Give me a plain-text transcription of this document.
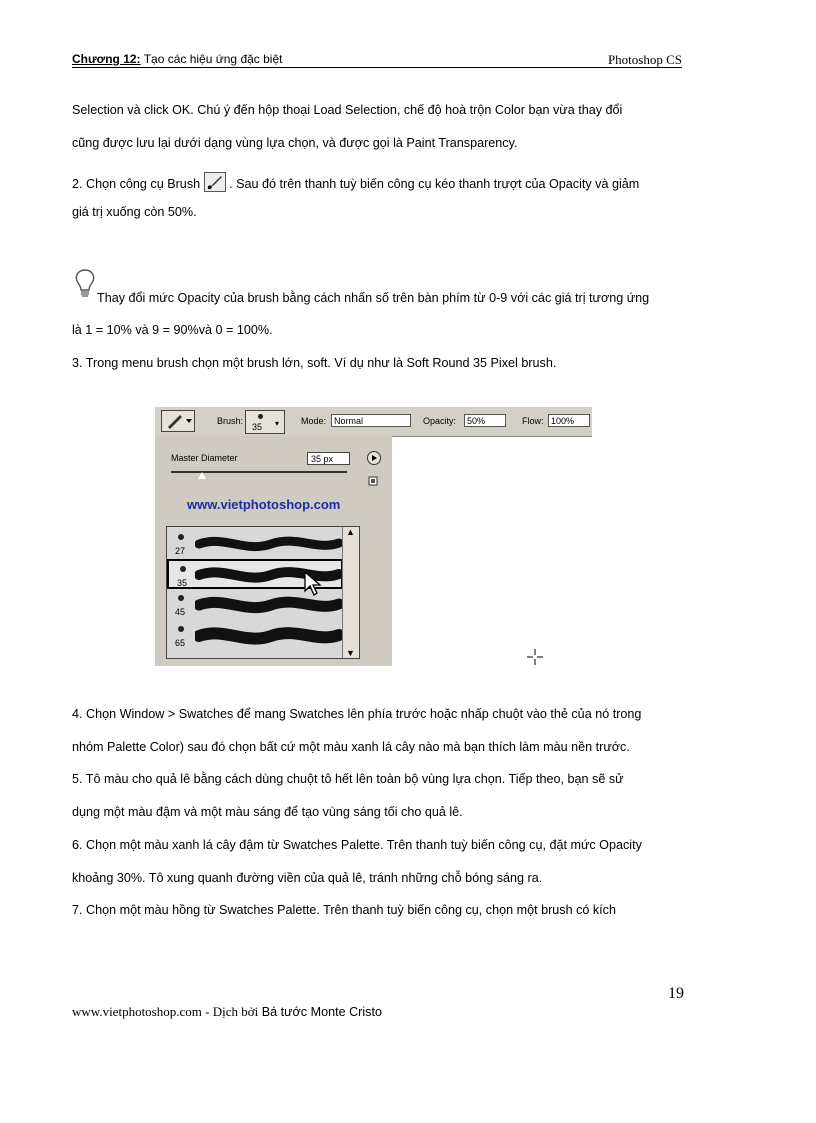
Chương 12: Tạo các hiệu ứng đặc biệt	Photoshop CS
Selection và click OK. Chú ý đến hộp thoại Load Selection, chế độ hoà trộn Color bạn vừa thay đổi
cũng được lưu lại dưới dạng vùng lựa chọn, và được gọi là Paint Transparency.
2. Chọn công cụ Brush . Sau đó trên thanh tuỳ biến công cụ kéo thanh trượt của Opacity và giảm
giá trị xuống còn 50%.
Thay đổi mức Opacity của brush bằng cách nhấn số trên bàn phím từ 0-9 với các giá trị tương ứng
là 1 = 10% và 9 = 90%và 0 = 100%.
3. Trong menu brush chọn một brush lớn, soft. Ví dụ như là Soft Round 35 Pixel brush.
Brush:
35 ▾ Mode: Normal	Opacity:	50%	Flow: 100%
Master Diameter	35 px
www.vietphotoshop.com
27
35
45
65
▲
▼
4. Chọn Window > Swatches để mang Swatches lên phía trước hoặc nhấp chuột vào thẻ của nó trong
nhóm Palette Color) sau đó chọn bất cứ một màu xanh lá cây nào mà bạn thích làm màu nền trước.
5. Tô màu cho quả lê bằng cách dùng chuột tô hết lên toàn bộ vùng lựa chọn. Tiếp theo, bạn sẽ sử
dụng một màu đậm và một màu sáng để tạo vùng sáng tối cho quả lê.
6. Chọn một màu xanh lá cây đậm từ Swatches Palette. Trên thanh tuỳ biến công cụ, đặt mức Opacity
khoảng 30%. Tô xung quanh đường viền của quả lê, tránh những chỗ bóng sáng ra.
7. Chọn một màu hồng từ Swatches Palette. Trên thanh tuỳ biến công cụ, chọn một brush có kích
19
www.vietphotoshop.com - Dịch bởi Bá tước Monte Cristo
